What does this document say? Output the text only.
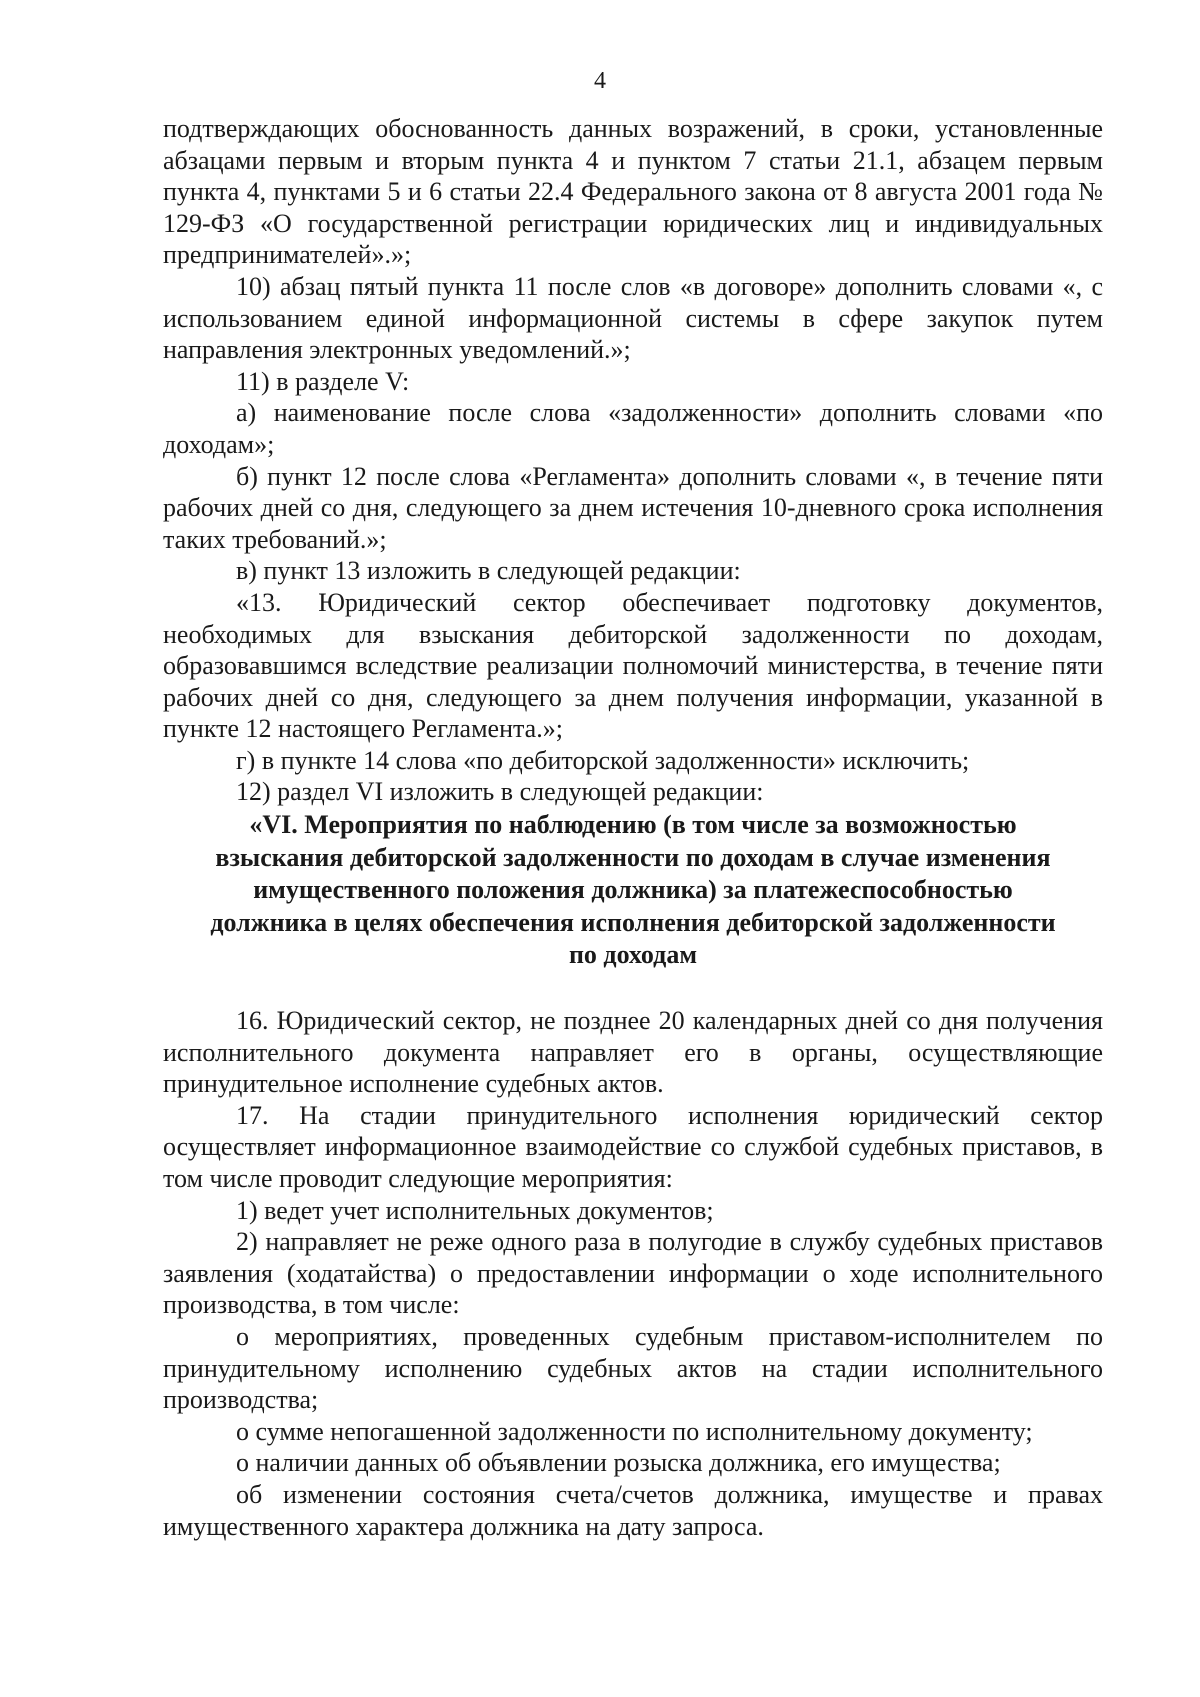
4

подтверждающих обоснованность данных возражений, в сроки, установленные абзацами первым и вторым пункта 4 и пунктом 7 статьи 21.1, абзацем первым пункта 4, пунктами 5 и 6 статьи 22.4 Федерального закона от 8 августа 2001 года № 129-ФЗ «О государственной регистрации юридических лиц и индивидуальных предпринимателей».»;

10) абзац пятый пункта 11 после слов «в договоре» дополнить словами «, с использованием единой информационной системы в сфере закупок путем направления электронных уведомлений.»;

11) в разделе V:

а) наименование после слова «задолженности» дополнить словами «по доходам»;

б) пункт 12 после слова «Регламента» дополнить словами «, в течение пяти рабочих дней со дня, следующего за днем истечения 10-дневного срока исполнения таких требований.»;

в) пункт 13 изложить в следующей редакции:

«13. Юридический сектор обеспечивает подготовку документов, необходимых для взыскания дебиторской задолженности по доходам, образовавшимся вследствие реализации полномочий министерства, в течение пяти рабочих дней со дня, следующего за днем получения информации, указанной в пункте 12 настоящего Регламента.»;

г) в пункте 14 слова «по дебиторской задолженности» исключить;

12) раздел VI изложить в следующей редакции:

«VI. Мероприятия по наблюдению (в том числе за возможностью
взыскания дебиторской задолженности по доходам в случае изменения
имущественного положения должника) за платежеспособностью
должника в целях обеспечения исполнения дебиторской задолженности
по доходам

16. Юридический сектор, не позднее 20 календарных дней со дня получения исполнительного документа направляет его в органы, осуществляющие принудительное исполнение судебных актов.

17. На стадии принудительного исполнения юридический сектор осуществляет информационное взаимодействие со службой судебных приставов, в том числе проводит следующие мероприятия:

1) ведет учет исполнительных документов;

2) направляет не реже одного раза в полугодие в службу судебных приставов заявления (ходатайства) о предоставлении информации о ходе исполнительного производства, в том числе:

о мероприятиях, проведенных судебным приставом-исполнителем по принудительному исполнению судебных актов на стадии исполнительного производства;

о сумме непогашенной задолженности по исполнительному документу;

о наличии данных об объявлении розыска должника, его имущества;

об изменении состояния счета/счетов должника, имуществе и правах имущественного характера должника на дату запроса.
